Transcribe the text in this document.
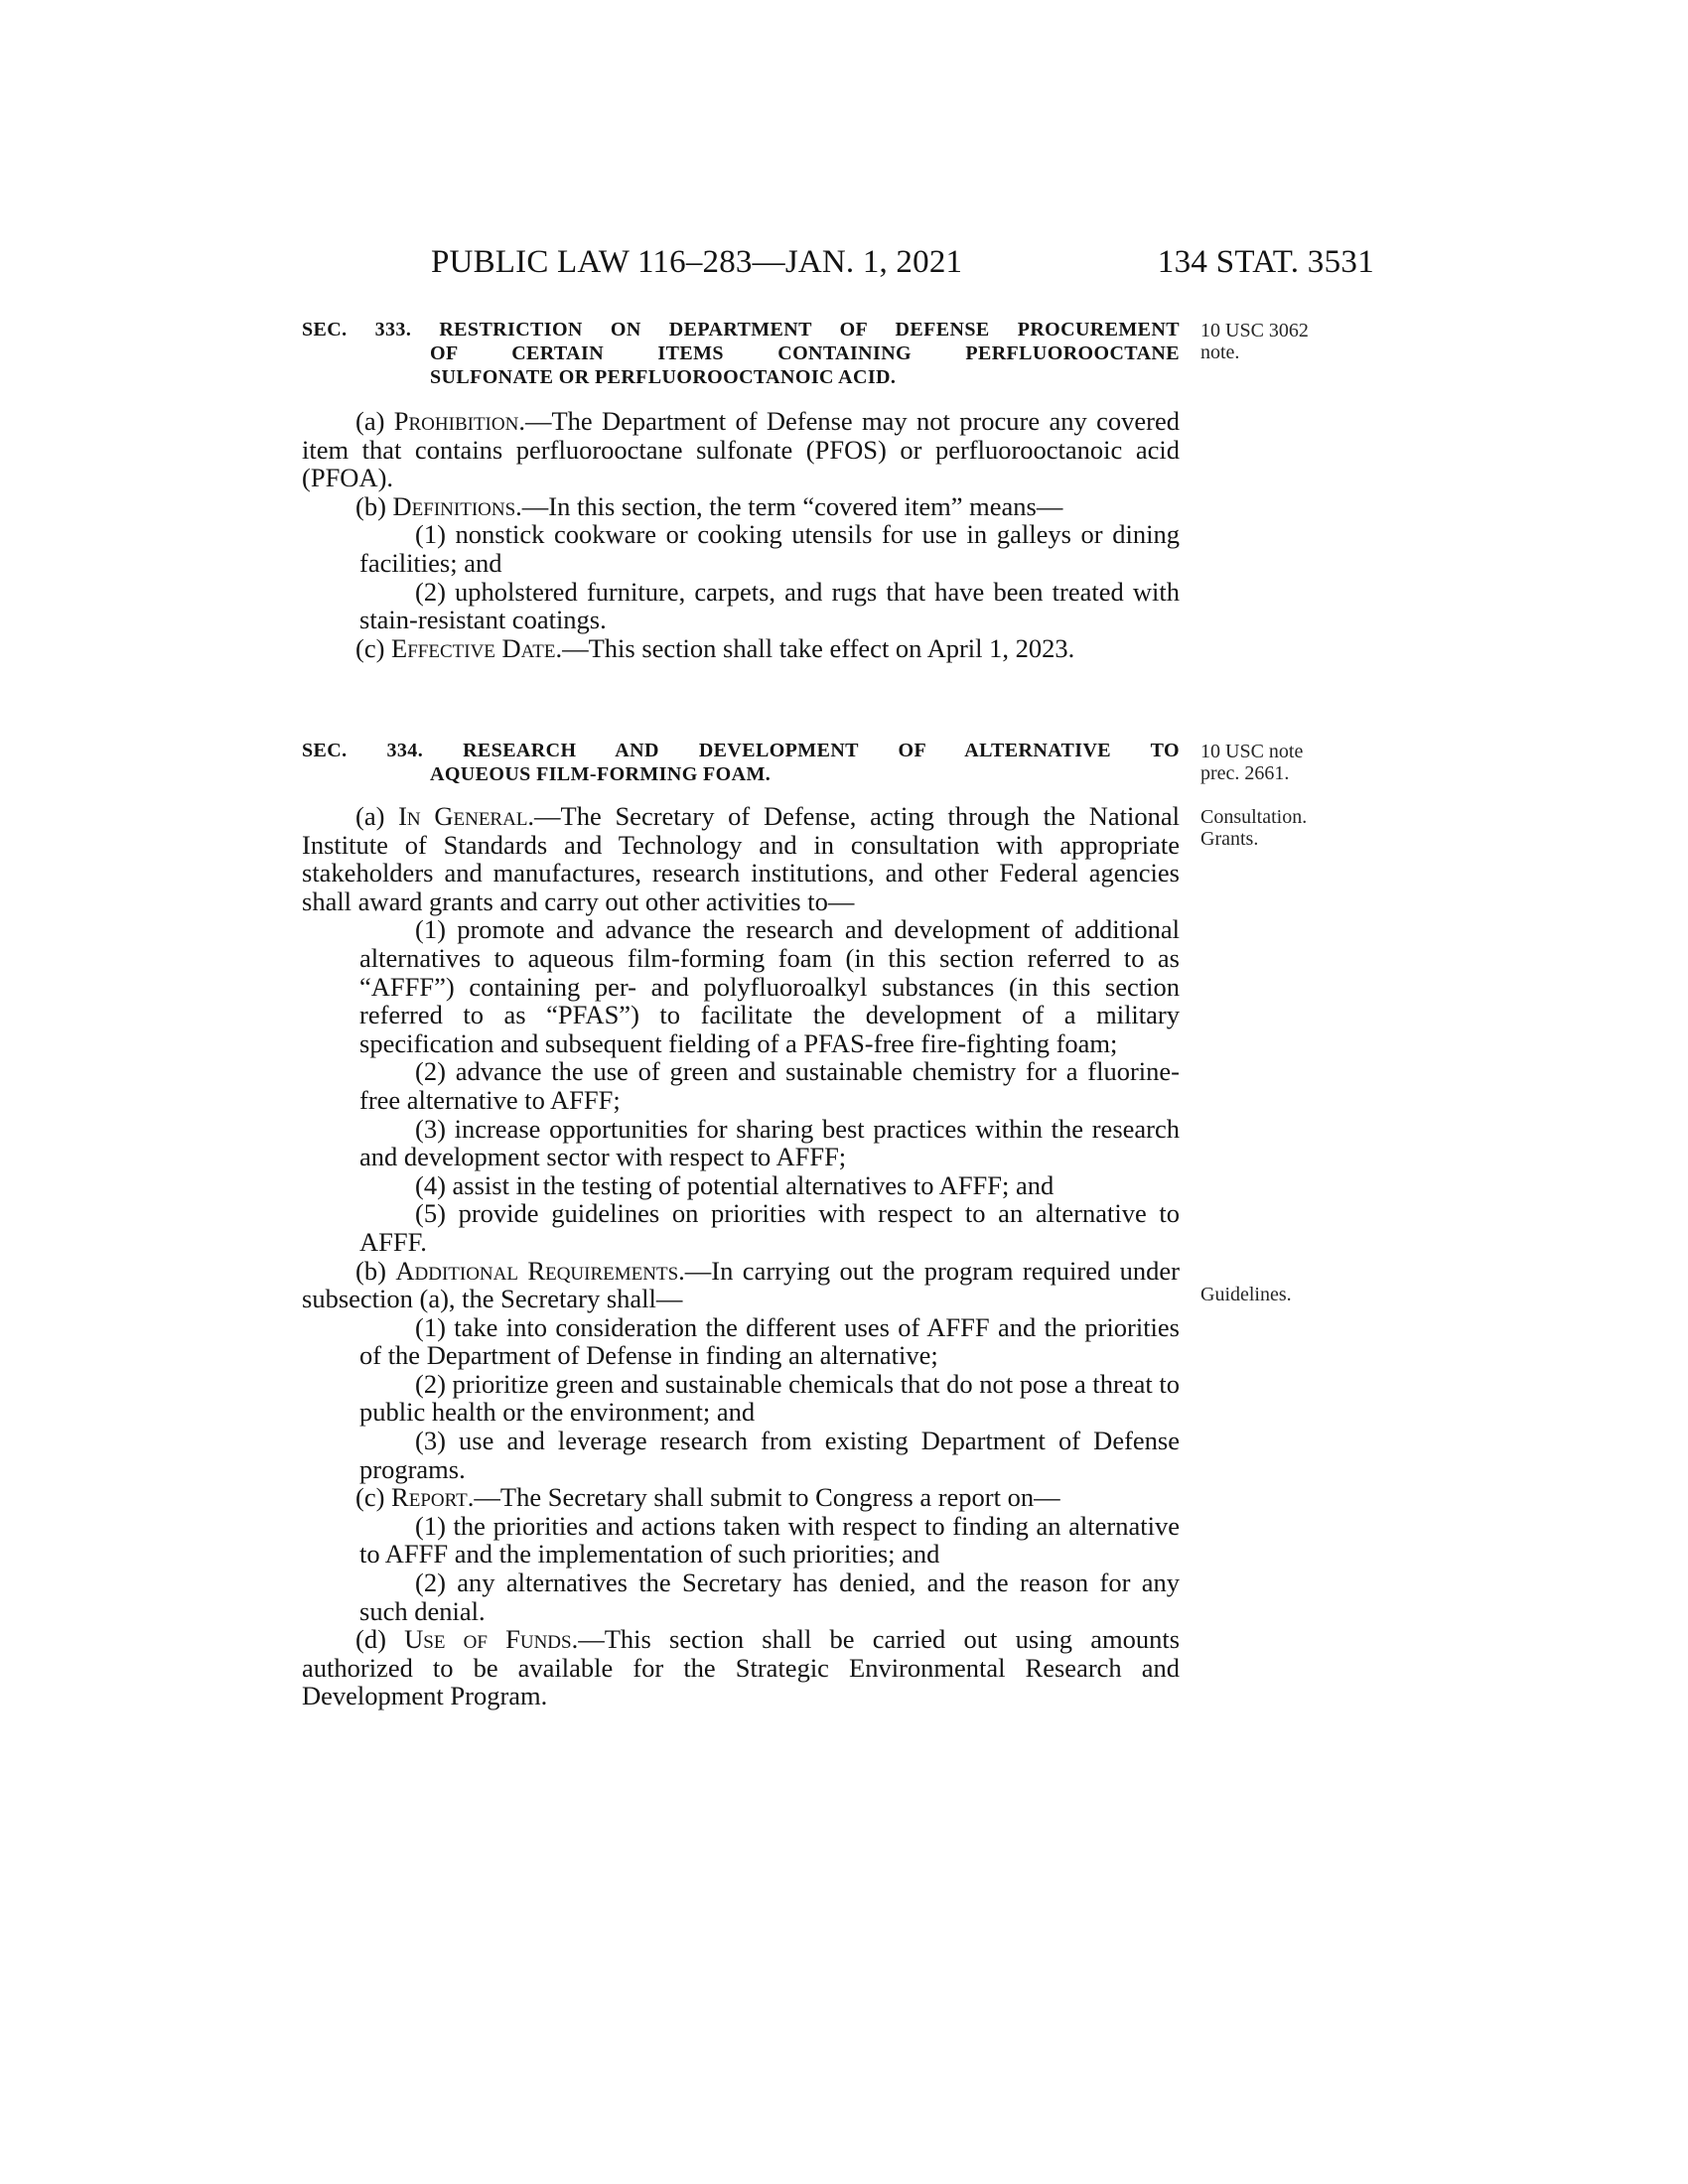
PUBLIC LAW 116–283—JAN. 1, 2021	134 STAT. 3531
SEC. 333. RESTRICTION ON DEPARTMENT OF DEFENSE PROCUREMENT
OF CERTAIN ITEMS CONTAINING PERFLUOROOCTANE
SULFONATE OR PERFLUOROOCTANOIC ACID.
10 USC 3062
note.

(a) Prohibition.—The Department of Defense may not procure any covered item that contains perfluorooctane sulfonate (PFOS) or perfluorooctanoic acid (PFOA).

(b) Definitions.—In this section, the term “covered item” means—

(1) nonstick cookware or cooking utensils for use in galleys or dining facilities; and

(2) upholstered furniture, carpets, and rugs that have been treated with stain-resistant coatings.

(c) Effective Date.—This section shall take effect on April 1, 2023.

SEC. 334. RESEARCH AND DEVELOPMENT OF ALTERNATIVE TO
AQUEOUS FILM-FORMING FOAM.
10 USC note
prec. 2661.
Consultation.
Grants.
Guidelines.

(a) In General.—The Secretary of Defense, acting through the National Institute of Standards and Technology and in consultation with appropriate stakeholders and manufactures, research institutions, and other Federal agencies shall award grants and carry out other activities to—

(1) promote and advance the research and development of additional alternatives to aqueous film-forming foam (in this section referred to as “AFFF”) containing per- and polyfluoroalkyl substances (in this section referred to as “PFAS”) to facilitate the development of a military specification and subsequent fielding of a PFAS-free fire-fighting foam;

(2) advance the use of green and sustainable chemistry for a fluorine-free alternative to AFFF;

(3) increase opportunities for sharing best practices within the research and development sector with respect to AFFF;

(4) assist in the testing of potential alternatives to AFFF; and

(5) provide guidelines on priorities with respect to an alternative to AFFF.

(b) Additional Requirements.—In carrying out the program required under subsection (a), the Secretary shall—

(1) take into consideration the different uses of AFFF and the priorities of the Department of Defense in finding an alternative;

(2) prioritize green and sustainable chemicals that do not pose a threat to public health or the environment; and

(3) use and leverage research from existing Department of Defense programs.

(c) Report.—The Secretary shall submit to Congress a report on—

(1) the priorities and actions taken with respect to finding an alternative to AFFF and the implementation of such priorities; and

(2) any alternatives the Secretary has denied, and the reason for any such denial.

(d) Use of Funds.—This section shall be carried out using amounts authorized to be available for the Strategic Environmental Research and Development Program.
